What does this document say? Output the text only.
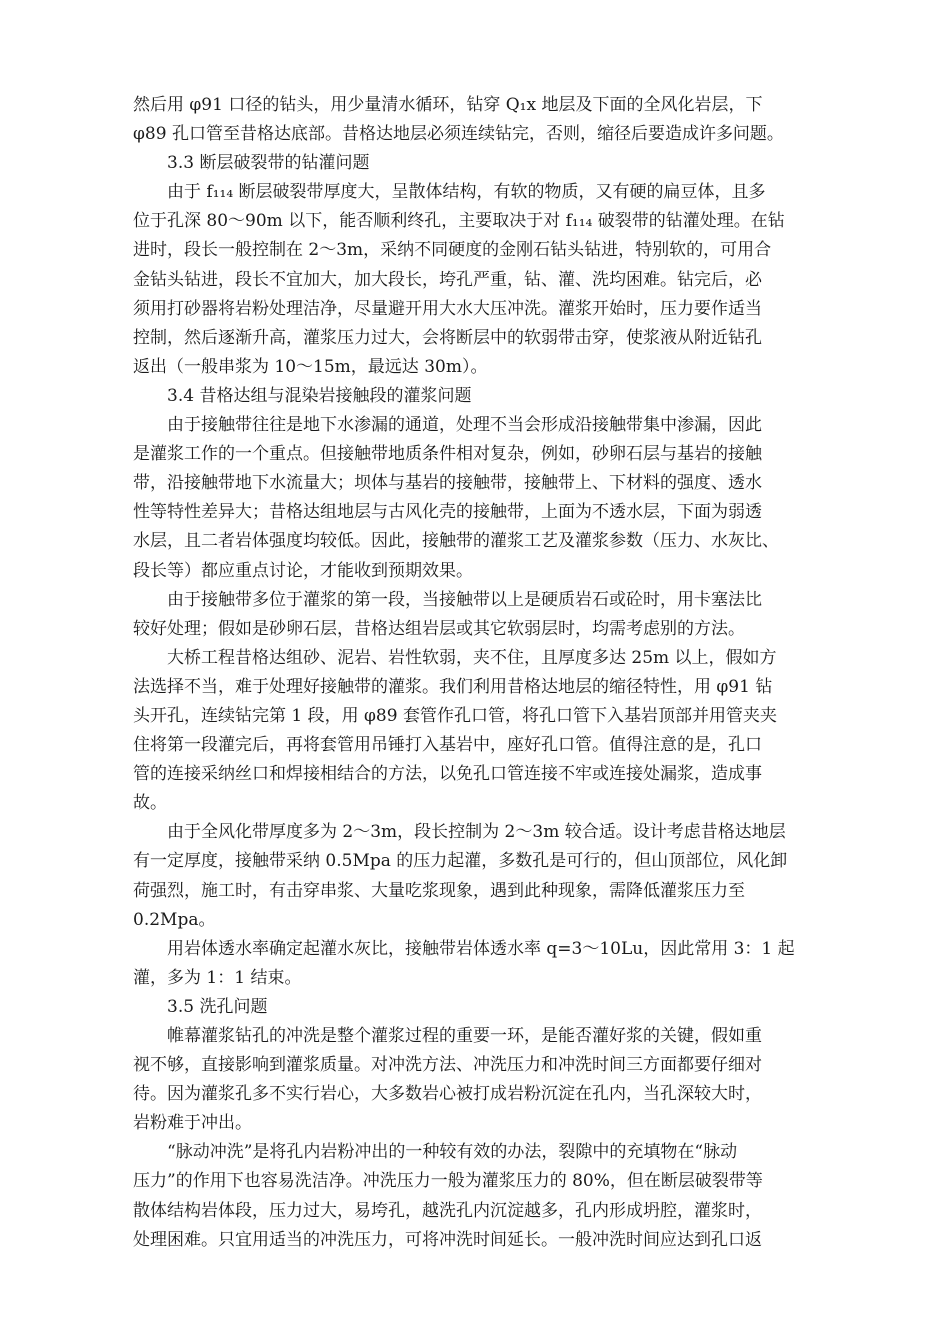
然后用 φ91 口径的钻头，用少量清水循环，钻穿 Q₁x 地层及下面的全风化岩层，下
φ89 孔口管至昔格达底部。昔格达地层必须连续钻完，否则，缩径后要造成许多问题。
3.3 断层破裂带的钻灌问题
由于 f₁₁₄ 断层破裂带厚度大，呈散体结构，有软的物质，又有硬的扁豆体，且多
位于孔深 80～90m 以下，能否顺利终孔，主要取决于对 f₁₁₄ 破裂带的钻灌处理。在钻
进时，段长一般控制在 2～3m，采纳不同硬度的金刚石钻头钻进，特别软的，可用合
金钻头钻进，段长不宜加大，加大段长，垮孔严重，钻、灌、洗均困难。钻完后，必
须用打砂器将岩粉处理洁净，尽量避开用大水大压冲洗。灌浆开始时，压力要作适当
控制，然后逐渐升高，灌浆压力过大，会将断层中的软弱带击穿，使浆液从附近钻孔
返出（一般串浆为 10～15m，最远达 30m）。
3.4 昔格达组与混染岩接触段的灌浆问题
由于接触带往往是地下水渗漏的通道，处理不当会形成沿接触带集中渗漏，因此
是灌浆工作的一个重点。但接触带地质条件相对复杂，例如，砂卵石层与基岩的接触
带，沿接触带地下水流量大；坝体与基岩的接触带，接触带上、下材料的强度、透水
性等特性差异大；昔格达组地层与古风化壳的接触带，上面为不透水层，下面为弱透
水层，且二者岩体强度均较低。因此，接触带的灌浆工艺及灌浆参数（压力、水灰比、
段长等）都应重点讨论，才能收到预期效果。
由于接触带多位于灌浆的第一段，当接触带以上是硬质岩石或砼时，用卡塞法比
较好处理；假如是砂卵石层，昔格达组岩层或其它软弱层时，均需考虑别的方法。
大桥工程昔格达组砂、泥岩、岩性软弱，夹不住，且厚度多达 25m 以上，假如方
法选择不当，难于处理好接触带的灌浆。我们利用昔格达地层的缩径特性，用 φ91 钻
头开孔，连续钻完第 1 段，用 φ89 套管作孔口管，将孔口管下入基岩顶部并用管夹夹
住将第一段灌完后，再将套管用吊锤打入基岩中，座好孔口管。值得注意的是，孔口
管的连接采纳丝口和焊接相结合的方法，以免孔口管连接不牢或连接处漏浆，造成事
故。
由于全风化带厚度多为 2～3m，段长控制为 2～3m 较合适。设计考虑昔格达地层
有一定厚度，接触带采纳 0.5Mpa 的压力起灌，多数孔是可行的，但山顶部位，风化卸
荷强烈，施工时，有击穿串浆、大量吃浆现象，遇到此种现象，需降低灌浆压力至
0.2Mpa。
用岩体透水率确定起灌水灰比，接触带岩体透水率 q=3～10Lu，因此常用 3：1 起
灌，多为 1：1 结束。
3.5 洗孔问题
帷幕灌浆钻孔的冲洗是整个灌浆过程的重要一环，是能否灌好浆的关键，假如重
视不够，直接影响到灌浆质量。对冲洗方法、冲洗压力和冲洗时间三方面都要仔细对
待。因为灌浆孔多不实行岩心，大多数岩心被打成岩粉沉淀在孔内，当孔深较大时，
岩粉难于冲出。
“脉动冲洗”是将孔内岩粉冲出的一种较有效的办法，裂隙中的充填物在“脉动
压力”的作用下也容易洗洁净。冲洗压力一般为灌浆压力的 80%，但在断层破裂带等
散体结构岩体段，压力过大，易垮孔，越洗孔内沉淀越多，孔内形成坍腔，灌浆时，
处理困难。只宜用适当的冲洗压力，可将冲洗时间延长。一般冲洗时间应达到孔口返
